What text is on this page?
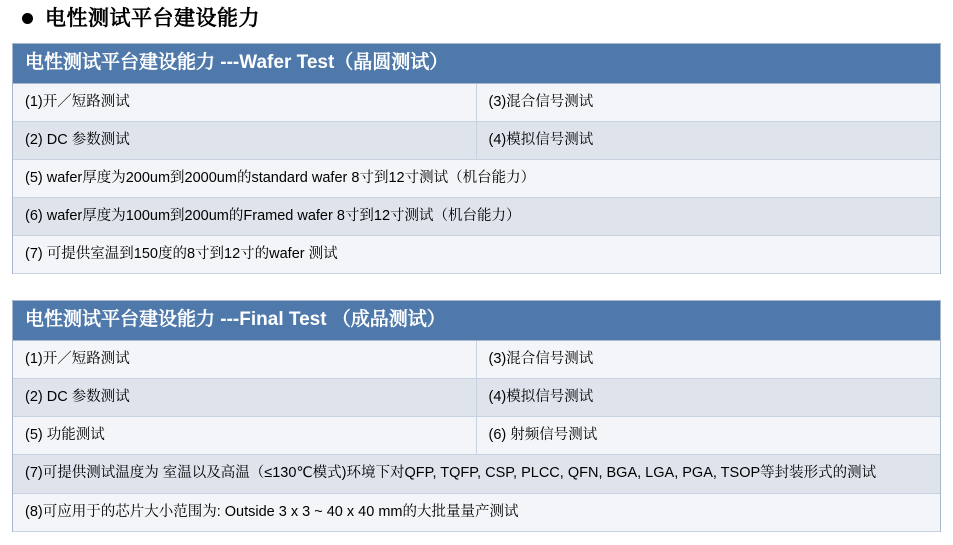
电性测试平台建设能力
电性测试平台建设能力 ---Wafer Test（晶圆测试）
(1)开／短路测试	(3)混合信号测试
(2) DC 参数测试	(4)模拟信号测试
(5) wafer厚度为200um到2000um的standard wafer 8寸到12寸测试（机台能力）
(6) wafer厚度为100um到200um的Framed wafer 8寸到12寸测试（机台能力）
(7) 可提供室温到150度的8寸到12寸的wafer 测试
电性测试平台建设能力 ---Final Test （成品测试）
(1)开／短路测试	(3)混合信号测试
(2) DC 参数测试	(4)模拟信号测试
(5) 功能测试	(6) 射频信号测试
(7)可提供测试温度为 室温以及高温（≤130℃模式)环境下对QFP, TQFP, CSP, PLCC, QFN, BGA, LGA, PGA, TSOP等封装形式的测试
(8)可应用于的芯片大小范围为: Outside 3 x 3 ~ 40 x 40 mm的大批量量产测试
